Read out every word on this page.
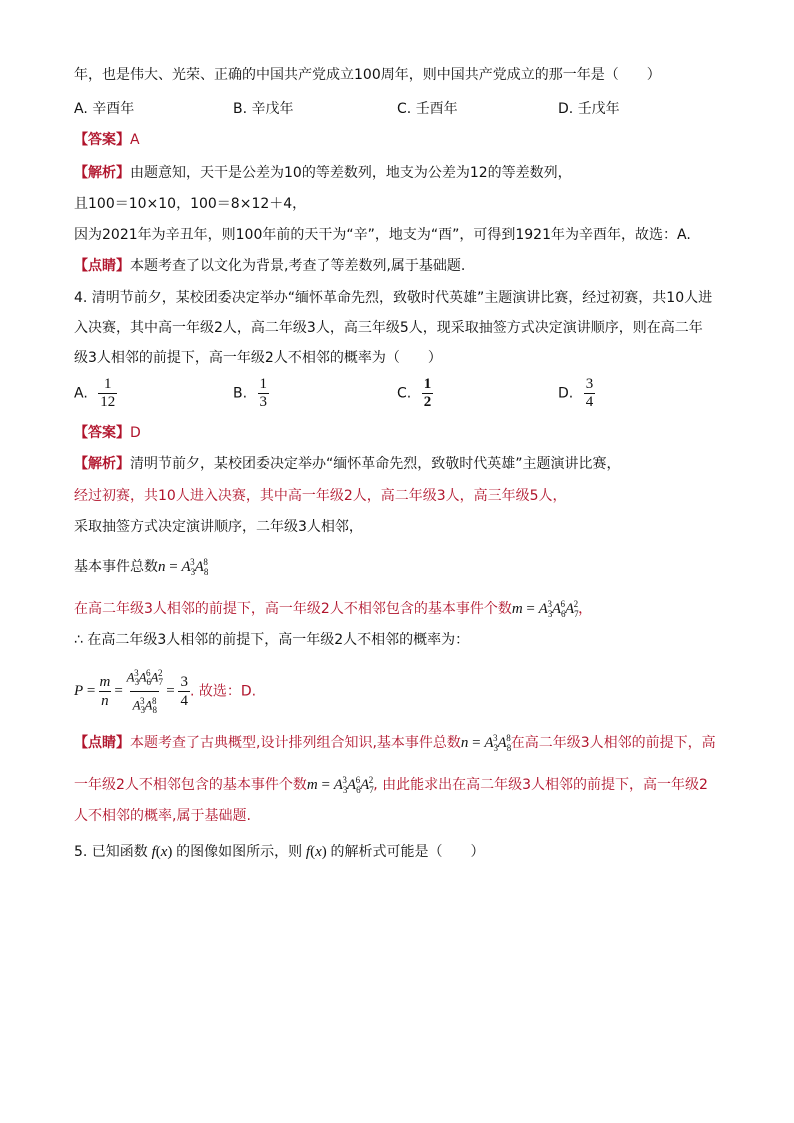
年，也是伟大、光荣、正确的中国共产党成立100周年，则中国共产党成立的那一年是（　　）
A. 辛酉年	B. 辛戊年	C. 壬酉年	D. 壬戊年
【答案】A
【解析】由题意知，天干是公差为10的等差数列，地支为公差为12的等差数列，
且100＝10×10，100＝8×12＋4，
因为2021年为辛丑年，则100年前的天干为“辛”，地支为“酉”，可得到1921年为辛酉年，故选：A.
【点睛】本题考查了以文化为背景,考查了等差数列,属于基础题.
4. 清明节前夕，某校团委决定举办“缅怀革命先烈，致敬时代英雄”主题演讲比赛，经过初赛，共10人进
入决赛，其中高一年级2人，高二年级3人，高三年级5人，现采取抽签方式决定演讲顺序，则在高二年
级3人相邻的前提下，高一年级2人不相邻的概率为（　　）
A. $\frac{1}{12}$	B. $\frac{1}{3}$	C. $\frac{1}{2}$	D. $\frac{3}{4}$
【答案】D
【解析】清明节前夕，某校团委决定举办“缅怀革命先烈，致敬时代英雄”主题演讲比赛，
经过初赛，共10人进入决赛，其中高一年级2人，高二年级3人，高三年级5人，
采取抽签方式决定演讲顺序，二年级3人相邻，
基本事件总数$n = A_3^3A_8^8$
在高二年级3人相邻的前提下，高一年级2人不相邻包含的基本事件个数$m = A_3^3A_6^6A_7^2$，
∴ 在高二年级3人相邻的前提下，高一年级2人不相邻的概率为：
P =
m
n
=
$A_3^3A_6^6A_7^2$
$A_3^3A_8^8$
=
3
4
. 故选：D.
【点睛】本题考查了古典概型,设计排列组合知识,基本事件总数$n = A_3^3A_8^8$在高二年级3人相邻的前提下，高
一年级2人不相邻包含的基本事件个数$m = A_3^3A_6^6A_7^2$, 由此能求出在高二年级3人相邻的前提下，高一年级2
人不相邻的概率,属于基础题.
5. 已知函数 f(x) 的图像如图所示，则 f(x) 的解析式可能是（　　）
